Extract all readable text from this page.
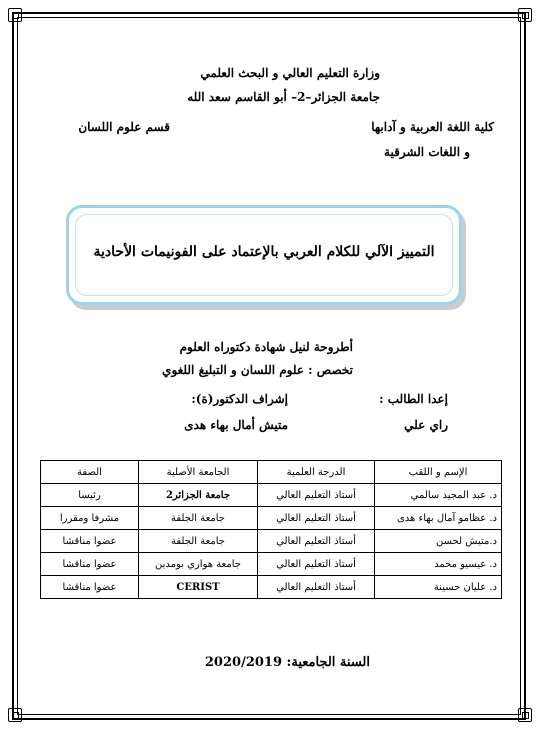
وزارة التعليم العالي و البحث العلمي
جامعة الجزائر–2– أبو القاسم سعد الله
كلية اللغة العربية و آدابها
و اللغات الشرقية
قسم علوم اللسان
التمييز الآلي للكلام العربي بالإعتماد على الفونيمات الأحادية
أطروحة لنيل شهادة دكتوراه العلوم
تخصص : علوم اللسان و التبليغ اللغوي
إعدا الطالب :
إشراف الدكتور(ة):
راي علي
متيش أمال بهاء هدى
الإسم و اللقب	الدرجة العلمية	الجامعة الأصلية	الصفة
د. عبد المجيد سالمي	أستاذ التعليم العالي	جامعة الجزائر2	رئيسا
د. عظامو آمال بهاء هدى	أستاذ التعليم العالي	جامعة الجلفة	مشرفا ومقررا
د.متيش لحسن	أستاذ التعليم العالي	جامعة الجلفة	عضوا مناقشا
د. عيسيو محمد	أستاذ التعليم العالي	جامعة هواري بومدين	عضوا مناقشا
د. عليان حسينة	أستاذ التعليم العالي	CERIST	عضوا مناقشا
السنة الجامعية: 2020/2019
